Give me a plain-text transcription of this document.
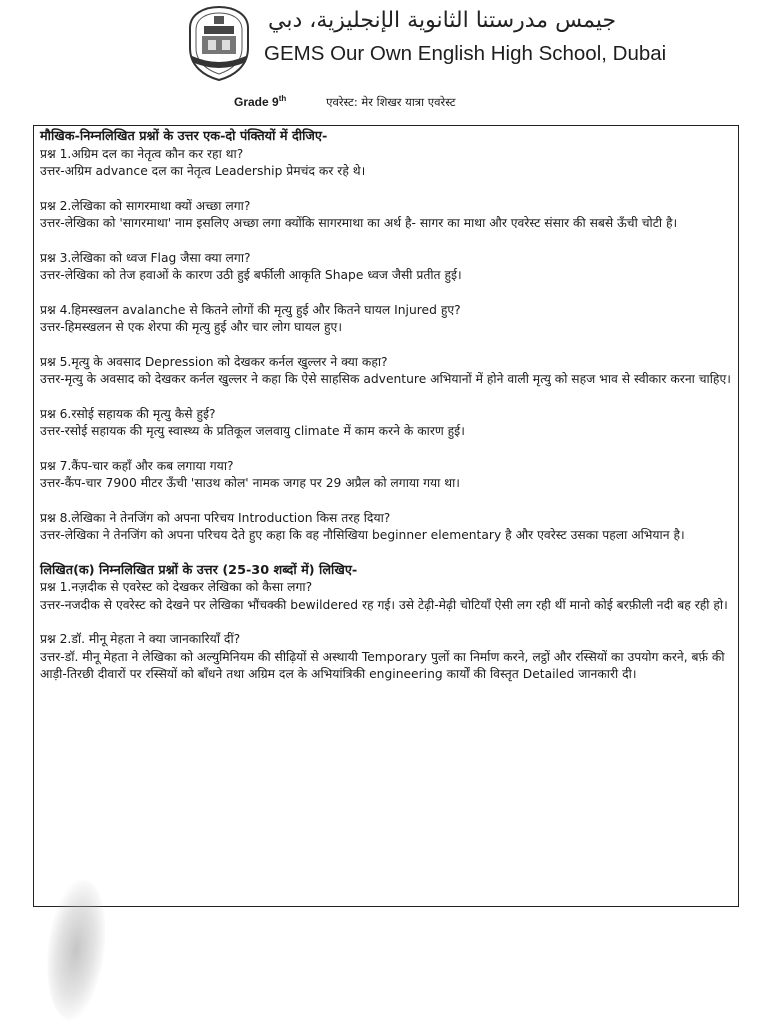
جيمس مدرستنا الثانوية الإنجليزية، دبي
GEMS Our Own English High School, Dubai
Grade 9th	एवरेस्ट: मेर शिखर यात्रा एवरेस्ट

मौखिक-निम्नलिखित प्रश्नों के उत्तर एक-दो पंक्तियों में दीजिए-

प्रश्न 1.अग्रिम दल का नेतृत्व कौन कर रहा था?

उत्तर-अग्रिम advance दल का नेतृत्व Leadership प्रेमचंद कर रहे थे।

प्रश्न 2.लेखिका को सागरमाथा क्यों अच्छा लगा?

उत्तर-लेखिका को 'सागरमाथा' नाम इसलिए अच्छा लगा क्योंकि सागरमाथा का अर्थ है- सागर का माथा और एवरेस्ट संसार की सबसे ऊँची चोटी है।

प्रश्न 3.लेखिका को ध्वज Flag जैसा क्या लगा?

उत्तर-लेखिका को तेज हवाओं के कारण उठी हुई बर्फीली आकृति Shape ध्वज जैसी प्रतीत हुई।

प्रश्न 4.हिमस्खलन avalanche से कितने लोगों की मृत्यु हुई और कितने घायल Injured हुए?

उत्तर-हिमस्खलन से एक शेरपा की मृत्यु हुई और चार लोग घायल हुए।

प्रश्न 5.मृत्यु के अवसाद Depression को देखकर कर्नल खुल्लर ने क्या कहा?

उत्तर-मृत्यु के अवसाद को देखकर कर्नल खुल्लर ने कहा कि ऐसे साहसिक adventure अभियानों में होने वाली मृत्यु को सहज भाव से स्वीकार करना चाहिए।

प्रश्न 6.रसोई सहायक की मृत्यु कैसे हुई?

उत्तर-रसोई सहायक की मृत्यु स्वास्थ्य के प्रतिकूल जलवायु climate में काम करने के कारण हुई।

प्रश्न 7.कैंप-चार कहाँ और कब लगाया गया?

उत्तर-कैंप-चार 7900 मीटर ऊँची 'साउथ कोल' नामक जगह पर 29 अप्रैल को लगाया गया था।

प्रश्न 8.लेखिका ने तेनजिंग को अपना परिचय Introduction किस तरह दिया?

उत्तर-लेखिका ने तेनजिंग को अपना परिचय देते हुए कहा कि वह नौसिखिया beginner elementary है और एवरेस्ट उसका पहला अभियान है।

लिखित(क) निम्नलिखित प्रश्नों के उत्तर (25-30 शब्दों में) लिखिए-

प्रश्न 1.नज़दीक से एवरेस्ट को देखकर लेखिका को कैसा लगा?

उत्तर-नजदीक से एवरेस्ट को देखने पर लेखिका भौंचक्की bewildered रह गई। उसे टेढ़ी-मेढ़ी चोटियाँ ऐसी लग रही थीं मानो कोई बरफ़ीली नदी बह रही हो।

प्रश्न 2.डॉ. मीनू मेहता ने क्या जानकारियाँ दीं?

उत्तर-डॉ. मीनू मेहता ने लेखिका को अल्युमिनियम की सीढ़ियों से अस्थायी Temporary पुलों का निर्माण करने, लट्ठों और रस्सियों का उपयोग करने, बर्फ़ की आड़ी-तिरछी दीवारों पर रस्सियों को बाँधने तथा अग्रिम दल के अभियांत्रिकी engineering कार्यों की विस्तृत Detailed जानकारी दी।
